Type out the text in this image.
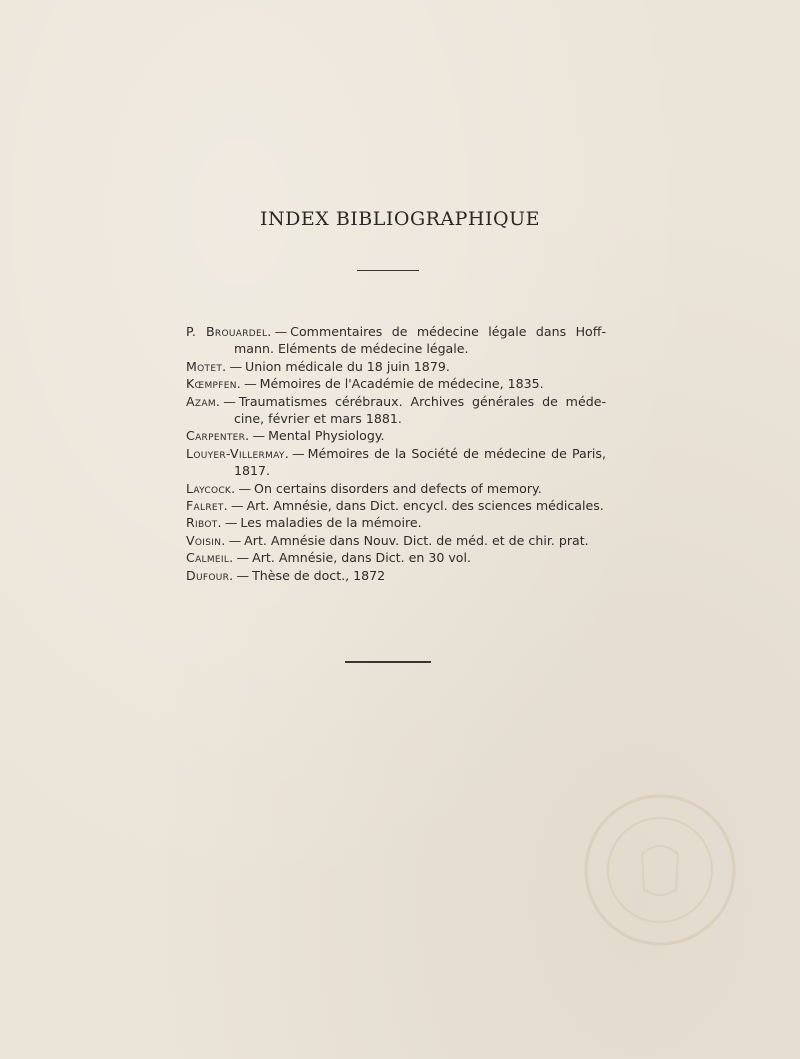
INDEX BIBLIOGRAPHIQUE
P. Brouardel. — Commentaires de médecine légale dans Hoffmann. Eléments de médecine légale.
Motet. — Union médicale du 18 juin 1879.
Kœmpfen. — Mémoires de l'Académie de médecine, 1835.
Azam. — Traumatismes cérébraux. Archives générales de médecine, février et mars 1881.
Carpenter. — Mental Physiology.
Louyer-Villermay. — Mémoires de la Société de médecine de Paris, 1817.
Laycock. — On certains disorders and defects of memory.
Falret. — Art. Amnésie, dans Dict. encycl. des sciences médicales.
Ribot. — Les maladies de la mémoire.
Voisin. — Art. Amnésie dans Nouv. Dict. de méd. et de chir. prat.
Calmeil. — Art. Amnésie, dans Dict. en 30 vol.
Dufour. — Thèse de doct., 1872
